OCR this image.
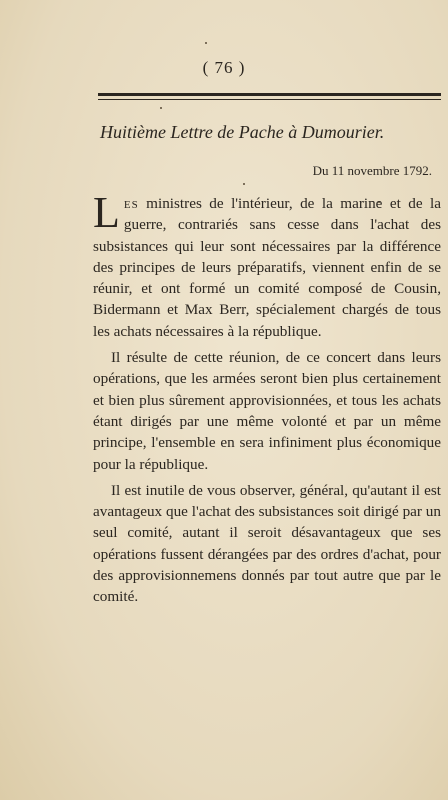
( 76 )
Huitième Lettre de Pache à Dumourier.
Du 11 novembre 1792.

Les ministres de l'intérieur, de la marine et de la guerre, contrariés sans cesse dans l'achat des subsistances qui leur sont nécessaires par la différence des principes de leurs préparatifs, viennent enfin de se réunir, et ont formé un comité composé de Cousin, Bidermann et Max Berr, spécialement chargés de tous les achats nécessaires à la république.

Il résulte de cette réunion, de ce concert dans leurs opérations, que les armées seront bien plus certainement et bien plus sûrement approvisionnées, et tous les achats étant dirigés par une même volonté et par un même principe, l'ensemble en sera infiniment plus économique pour la république.

Il est inutile de vous observer, général, qu'autant il est avantageux que l'achat des subsistances soit dirigé par un seul comité, autant il seroit désavantageux que ses opérations fussent dérangées par des ordres d'achat, pour des approvisionnemens donnés par tout autre que par le comité.
